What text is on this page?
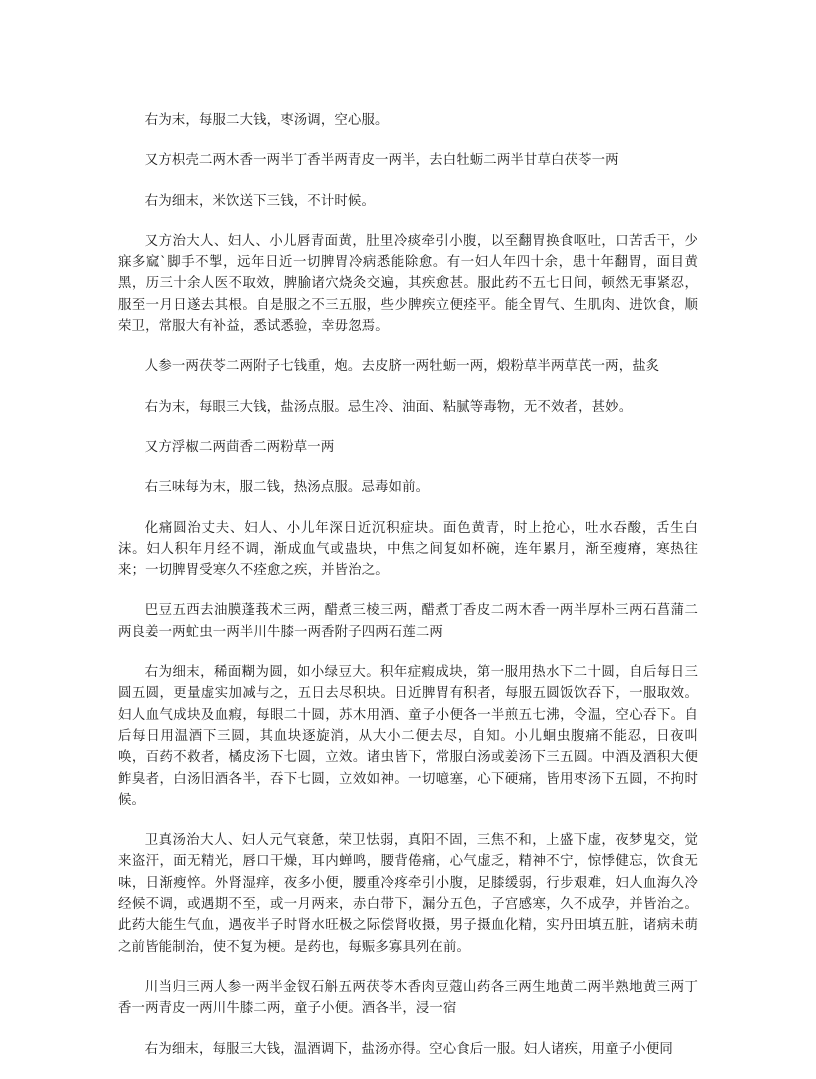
右为末，每服二大钱，枣汤调，空心服。

又方枳壳二两木香一两半丁香半两青皮一两半，去白牡蛎二两半甘草白茯苓一两

右为细末，米饮送下三钱，不计时候。

又方治大人、妇人、小儿唇青面黄，肚里冷痰牵引小腹，以至翻胃换食呕吐，口苦舌干，少寐多窳`脚手不掣，远年日近一切脾胃冷病悉能除愈。有一妇人年四十余，患十年翻胃，面目黄黑，历三十余人医不取效，脾腧诸穴烧灸交遍，其疾愈甚。服此药不五七日间，顿然无事紧忍，服至一月日遂去其根。自是服之不三五服，些少脾疾立便痊平。能全胃气、生肌肉、进饮食，顺荣卫，常服大有补益，悉试悉验，幸毋忽焉。

人参一两茯苓二两附子七钱重，炮。去皮脐一两牡蛎一两，煅粉草半两草芪一两，盐炙

右为末，每眼三大钱，盐汤点服。忌生冷、油面、粘腻等毒物，无不效者，甚妙。

又方浮椒二两茴香二两粉草一两

右三味每为末，服二钱，热汤点服。忌毒如前。

化痛圆治丈夫、妇人、小儿年深日近沉积症块。面色黄青，时上抢心，吐水吞酸，舌生白沫。妇人积年月经不调，渐成血气或蛊块，中焦之间复如杯碗，连年累月，渐至瘦瘠，寒热往来；一切脾胃受寒久不痊愈之疾，并皆治之。

巴豆五西去油膜蓬莪术三两，醋煮三棱三两，醋煮丁香皮二两木香一两半厚朴三两石菖蒲二两良姜一两虻虫一两半川牛膝一两香附子四两石莲二两

右为细末，稀面糊为圆，如小绿豆大。积年症瘕成块，第一服用热水下二十圆，自后每日三圆五圆，更量虚实加减与之，五日去尽积块。日近脾胃有积者，每服五圆饭饮吞下，一服取效。妇人血气成块及血瘕，每眼二十圆，苏木用酒、童子小便各一半煎五七沸，令温，空心吞下。自后每日用温酒下三圆，其血块逐旋消，从大小二便去尽，自知。小儿蛔虫腹痛不能忍，日夜叫唤，百药不救者，橘皮汤下七圆，立效。诸虫皆下，常服白汤或姜汤下三五圆。中酒及酒积大便鲊臭者，白汤旧酒各半，吞下七圆，立效如神。一切噫塞，心下硬痛，皆用枣汤下五圆，不拘时候。

卫真汤治大人、妇人元气衰惫，荣卫怯弱，真阳不固，三焦不和，上盛下虚，夜梦鬼交，觉来盗汗，面无精光，唇口干燥，耳内蝉鸣，腰背倦痛，心气虚乏，精神不宁，惊悸健忘，饮食无味，日渐瘦悴。外肾湿痒，夜多小便，腰重冷疼牵引小腹，足膝缓弱，行步艰难，妇人血海久冷经候不调，或遇期不至，或一月两来，赤白带下，漏分五色，子宫感寒，久不成孕，并皆治之。此药大能生气血，遇夜半子时肾水旺极之际偿肾收摄，男子摄血化精，实丹田填五脏，诸病未萌之前皆能制治，使不复为梗。是药也，每赈多寡具列在前。

川当归三两人参一两半金钗石斛五两茯苓木香肉豆蔻山药各三两生地黄二两半熟地黄三两丁香一两青皮一两川牛膝二两，童子小便。酒各半，浸一宿

右为细末，每服三大钱，温酒调下，盐汤亦得。空心食后一服。妇人诸疾，用童子小便同
